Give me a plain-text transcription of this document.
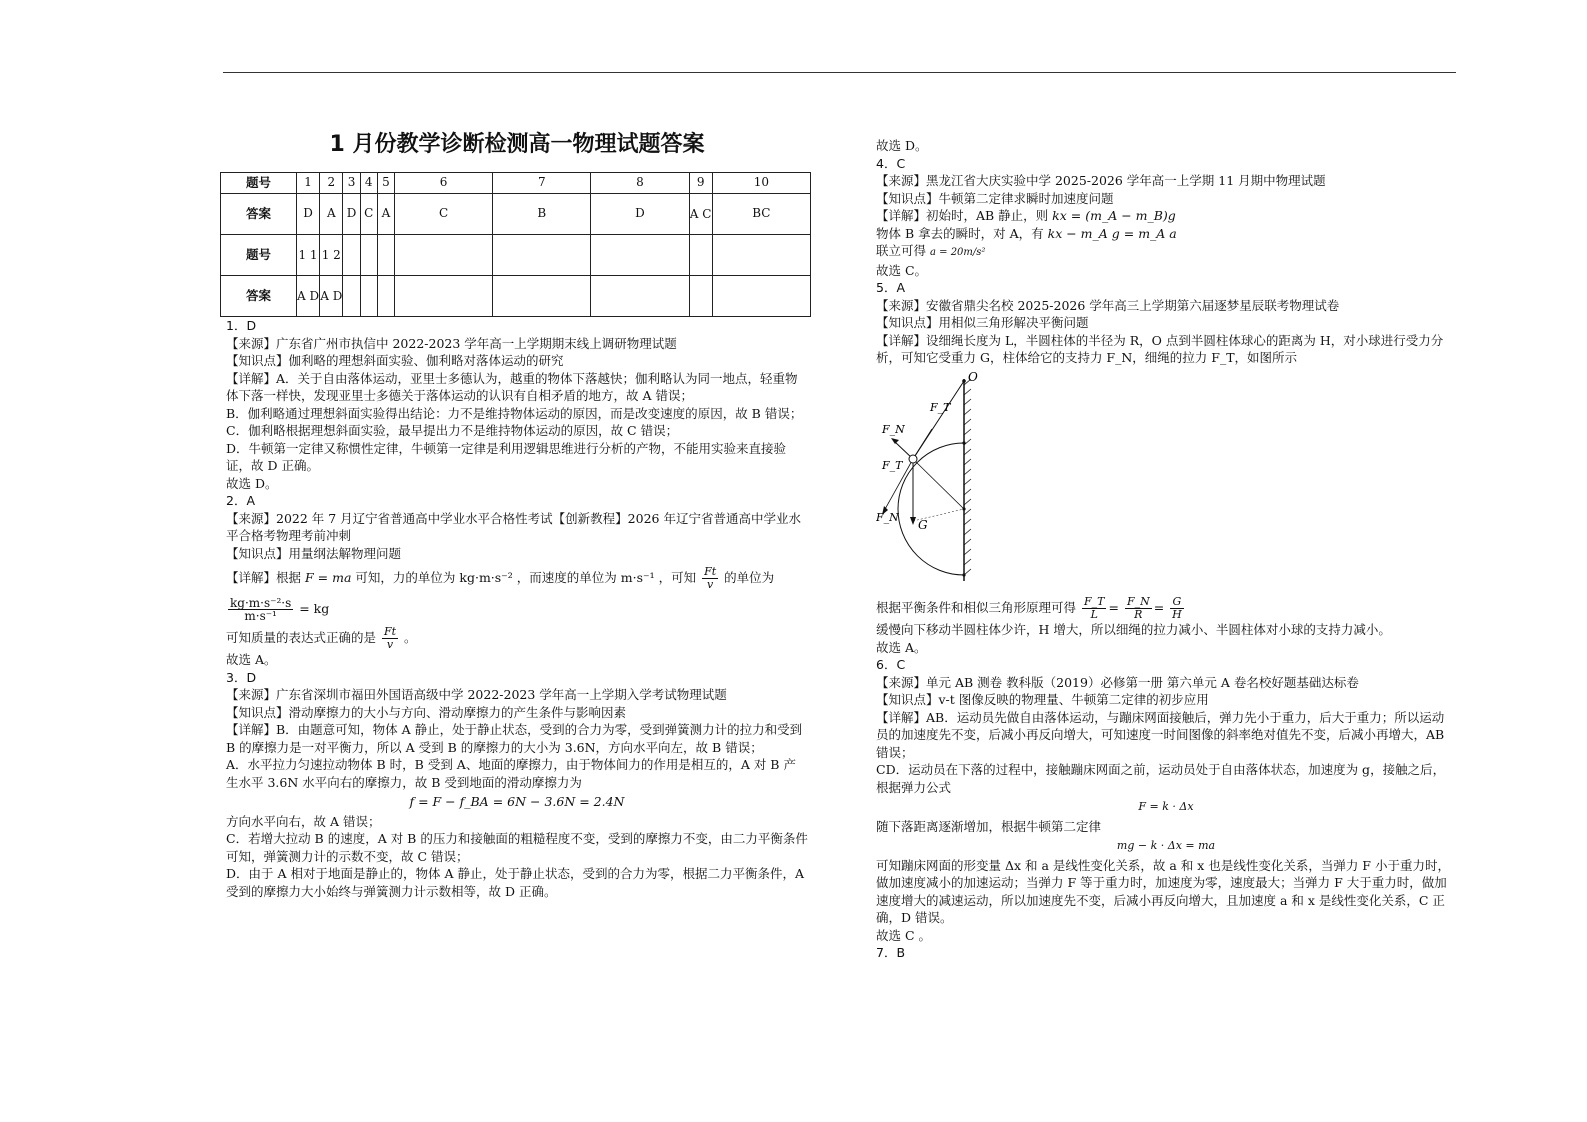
1 月份教学诊断检测高一物理试题答案
题号	1	2	3	4	5	6	7	8	9	10
答案	D	A	D	C	A	C	B	D	A C	BC
题号	1 1	1 2								
答案	A D	A D								

1．D

【来源】广东省广州市执信中 2022-2023 学年高一上学期期末线上调研物理试题

【知识点】伽利略的理想斜面实验、伽利略对落体运动的研究

【详解】A．关于自由落体运动，亚里士多德认为，越重的物体下落越快；伽利略认为同一地点，轻重物体下落一样快，发现亚里士多德关于落体运动的认识有自相矛盾的地方，故 A 错误；

B．伽利略通过理想斜面实验得出结论：力不是维持物体运动的原因，而是改变速度的原因，故 B 错误；

C．伽利略根据理想斜面实验，最早提出力不是维持物体运动的原因，故 C 错误；

D．牛顿第一定律又称惯性定律，牛顿第一定律是利用逻辑思维进行分析的产物，不能用实验来直接验证，故 D 正确。

故选 D。

2．A

【来源】2022 年 7 月辽宁省普通高中学业水平合格性考试【创新教程】2026 年辽宁省普通高中学业水平合格考物理考前冲刺

【知识点】用量纲法解物理问题

【详解】根据 F = ma 可知，力的单位为 kg·m·s⁻² ，而速度的单位为 m·s⁻¹ ，可知 $\frac{Ft}{v}$ 的单位为

$\frac{\text{kg·m·s⁻²·s}}{\text{m·s⁻¹}}$ = kg

可知质量的表达式正确的是 $\frac{Ft}{v}$ 。

故选 A。

3．D

【来源】广东省深圳市福田外国语高级中学 2022-2023 学年高一上学期入学考试物理试题

【知识点】滑动摩擦力的大小与方向、滑动摩擦力的产生条件与影响因素

【详解】B．由题意可知，物体 A 静止，处于静止状态，受到的合力为零，受到弹簧测力计的拉力和受到 B 的摩擦力是一对平衡力，所以 A 受到 B 的摩擦力的大小为 3.6N，方向水平向左，故 B 错误；

A．水平拉力匀速拉动物体 B 时，B 受到 A、地面的摩擦力，由于物体间力的作用是相互的，A 对 B 产生水平 3.6N 水平向右的摩擦力，故 B 受到地面的滑动摩擦力为

f = F − f_BA = 6N − 3.6N = 2.4N

方向水平向右，故 A 错误；

C．若增大拉动 B 的速度，A 对 B 的压力和接触面的粗糙程度不变，受到的摩擦力不变，由二力平衡条件可知，弹簧测力计的示数不变，故 C 错误；

D．由于 A 相对于地面是静止的，物体 A 静止，处于静止状态，受到的合力为零，根据二力平衡条件，A 受到的摩擦力大小始终与弹簧测力计示数相等，故 D 正确。

故选 D。

4．C

【来源】黑龙江省大庆实验中学 2025-2026 学年高一上学期 11 月期中物理试题

【知识点】牛顿第二定律求瞬时加速度问题

【详解】初始时，AB 静止，则 kx = (m_A − m_B)g

物体 B 拿去的瞬时，对 A，有 kx − m_A g = m_A a

联立可得 a = 20m/s²

故选 C。

5．A

【来源】安徽省鼎尖名校 2025-2026 学年高三上学期第六届逐梦星辰联考物理试卷

【知识点】用相似三角形解决平衡问题

【详解】设细绳长度为 L，半圆柱体的半径为 R，O 点到半圆柱体球心的距离为 H，对小球进行受力分析，可知它受重力 G，柱体给它的支持力 F_N，细绳的拉力 F_T，如图所示

O
F_T
F_N
F_T
F_N
G

根据平衡条件和相似三角形原理可得 $\frac{F\_T}{L} = \frac{F\_N}{R} = \frac{G}{H}$

缓慢向下移动半圆柱体少许，H 增大，所以细绳的拉力减小、半圆柱体对小球的支持力减小。

故选 A。

6．C

【来源】单元 AB 测卷 教科版（2019）必修第一册 第六单元 A 卷名校好题基础达标卷

【知识点】v-t 图像反映的物理量、牛顿第二定律的初步应用

【详解】AB．运动员先做自由落体运动，与蹦床网面接触后，弹力先小于重力，后大于重力；所以运动员的加速度先不变，后减小再反向增大，可知速度一时间图像的斜率绝对值先不变，后减小再增大，AB 错误；

CD．运动员在下落的过程中，接触蹦床网面之前，运动员处于自由落体状态，加速度为 g，接触之后，根据弹力公式

F = k · Δx

随下落距离逐渐增加，根据牛顿第二定律

mg − k · Δx = ma

可知蹦床网面的形变量 Δx 和 a 是线性变化关系，故 a 和 x 也是线性变化关系，当弹力 F 小于重力时，做加速度减小的加速运动；当弹力 F 等于重力时，加速度为零，速度最大；当弹力 F 大于重力时，做加速度增大的减速运动，所以加速度先不变，后减小再反向增大，且加速度 a 和 x 是线性变化关系，C 正确，D 错误。

故选 C 。

7．B
